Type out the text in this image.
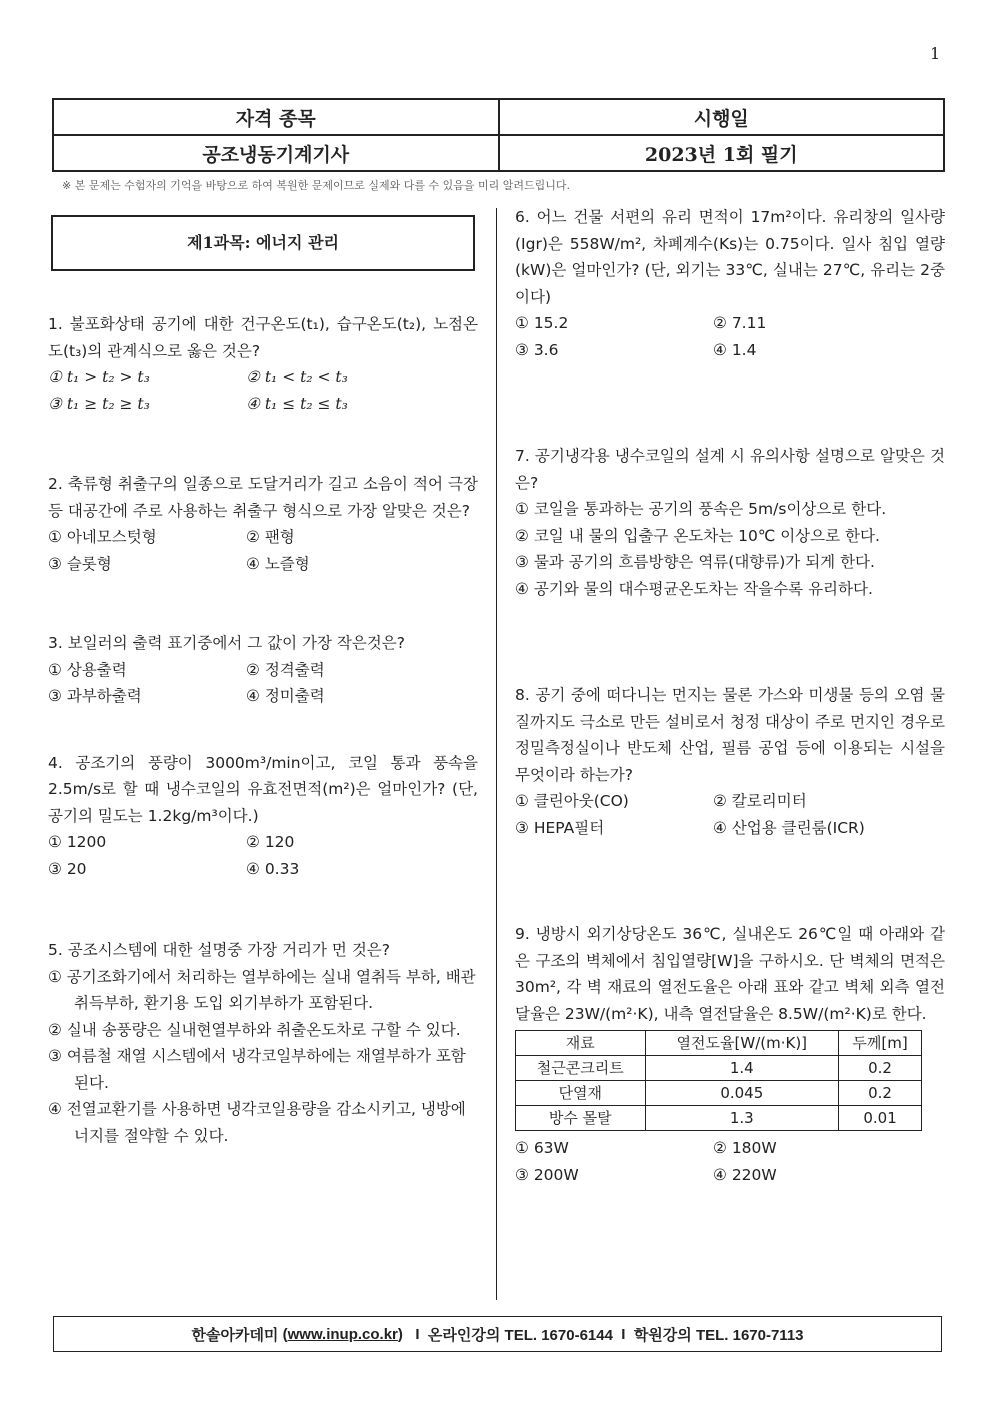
1
자격 종목	시행일
공조냉동기계기사	2023년 1회 필기
※ 본 문제는 수험자의 기억을 바탕으로 하여 복원한 문제이므로 실제와 다를 수 있음을 미리 알려드립니다.
제1과목: 에너지 관리

1. 불포화상태 공기에 대한 건구온도(t₁), 습구온도(t₂), 노점온도(t₃)의 관계식으로 옳은 것은?

① t₁ > t₂ > t₃	② t₁ < t₂ < t₃
③ t₁ ≥ t₂ ≥ t₃	④ t₁ ≤ t₂ ≤ t₃

2. 축류형 취출구의 일종으로 도달거리가 길고 소음이 적어 극장등 대공간에 주로 사용하는 취출구 형식으로 가장 알맞은 것은?

① 아네모스텃형	② 팬형
③ 슬롯형	④ 노즐형

3. 보일러의 출력 표기중에서 그 값이 가장 작은것은?

① 상용출력	② 정격출력
③ 과부하출력	④ 정미출력

4. 공조기의 풍량이 3000m³/min이고, 코일 통과 풍속을 2.5m/s로 할 때 냉수코일의 유효전면적(m²)은 얼마인가? (단, 공기의 밀도는 1.2kg/m³이다.)

① 1200	② 120
③ 20	④ 0.33

5. 공조시스템에 대한 설명중 가장 거리가 먼 것은?

① 공기조화기에서 처리하는 열부하에는 실내 열취득 부하, 배관취득부하, 환기용 도입 외기부하가 포함된다.
② 실내 송풍량은 실내현열부하와 취출온도차로 구할 수 있다.
③ 여름철 재열 시스템에서 냉각코일부하에는 재열부하가 포함된다.
④ 전열교환기를 사용하면 냉각코일용량을 감소시키고, 냉방에너지를 절약할 수 있다.

6. 어느 건물 서편의 유리 면적이 17m²이다. 유리창의 일사량(Igr)은 558W/m², 차폐계수(Ks)는 0.75이다. 일사 침입 열량(kW)은 얼마인가? (단, 외기는 33℃, 실내는 27℃, 유리는 2중이다)

① 15.2	② 7.11
③ 3.6	④ 1.4

7. 공기냉각용 냉수코일의 설계 시 유의사항 설명으로 알맞은 것은?

① 코일을 통과하는 공기의 풍속은 5m/s이상으로 한다.
② 코일 내 물의 입출구 온도차는 10℃ 이상으로 한다.
③ 물과 공기의 흐름방향은 역류(대향류)가 되게 한다.
④ 공기와 물의 대수평균온도차는 작을수록 유리하다.

8. 공기 중에 떠다니는 먼지는 물론 가스와 미생물 등의 오염 물질까지도 극소로 만든 설비로서 청정 대상이 주로 먼지인 경우로 정밀측정실이나 반도체 산업, 필름 공업 등에 이용되는 시설을 무엇이라 하는가?

① 클린아웃(CO)	② 칼로리미터
③ HEPA필터	④ 산업용 클린룸(ICR)

9. 냉방시 외기상당온도 36℃, 실내온도 26℃일 때 아래와 같은 구조의 벽체에서 침입열량[W]을 구하시오. 단 벽체의 면적은 30m², 각 벽 재료의 열전도율은 아래 표와 같고 벽체 외측 열전달율은 23W/(m²·K), 내측 열전달율은 8.5W/(m²·K)로 한다.

재료	열전도율[W/(m·K)]	두께[m]
철근콘크리트	1.4	0.2
단열재	0.045	0.2
방수 몰탈	1.3	0.01
① 63W	② 180W
③ 200W	④ 220W
한솔아카데미 ( www.inup.co.kr ) I
온라인강의 TEL. 1670-6144
I
학원강의 TEL. 1670-7113
